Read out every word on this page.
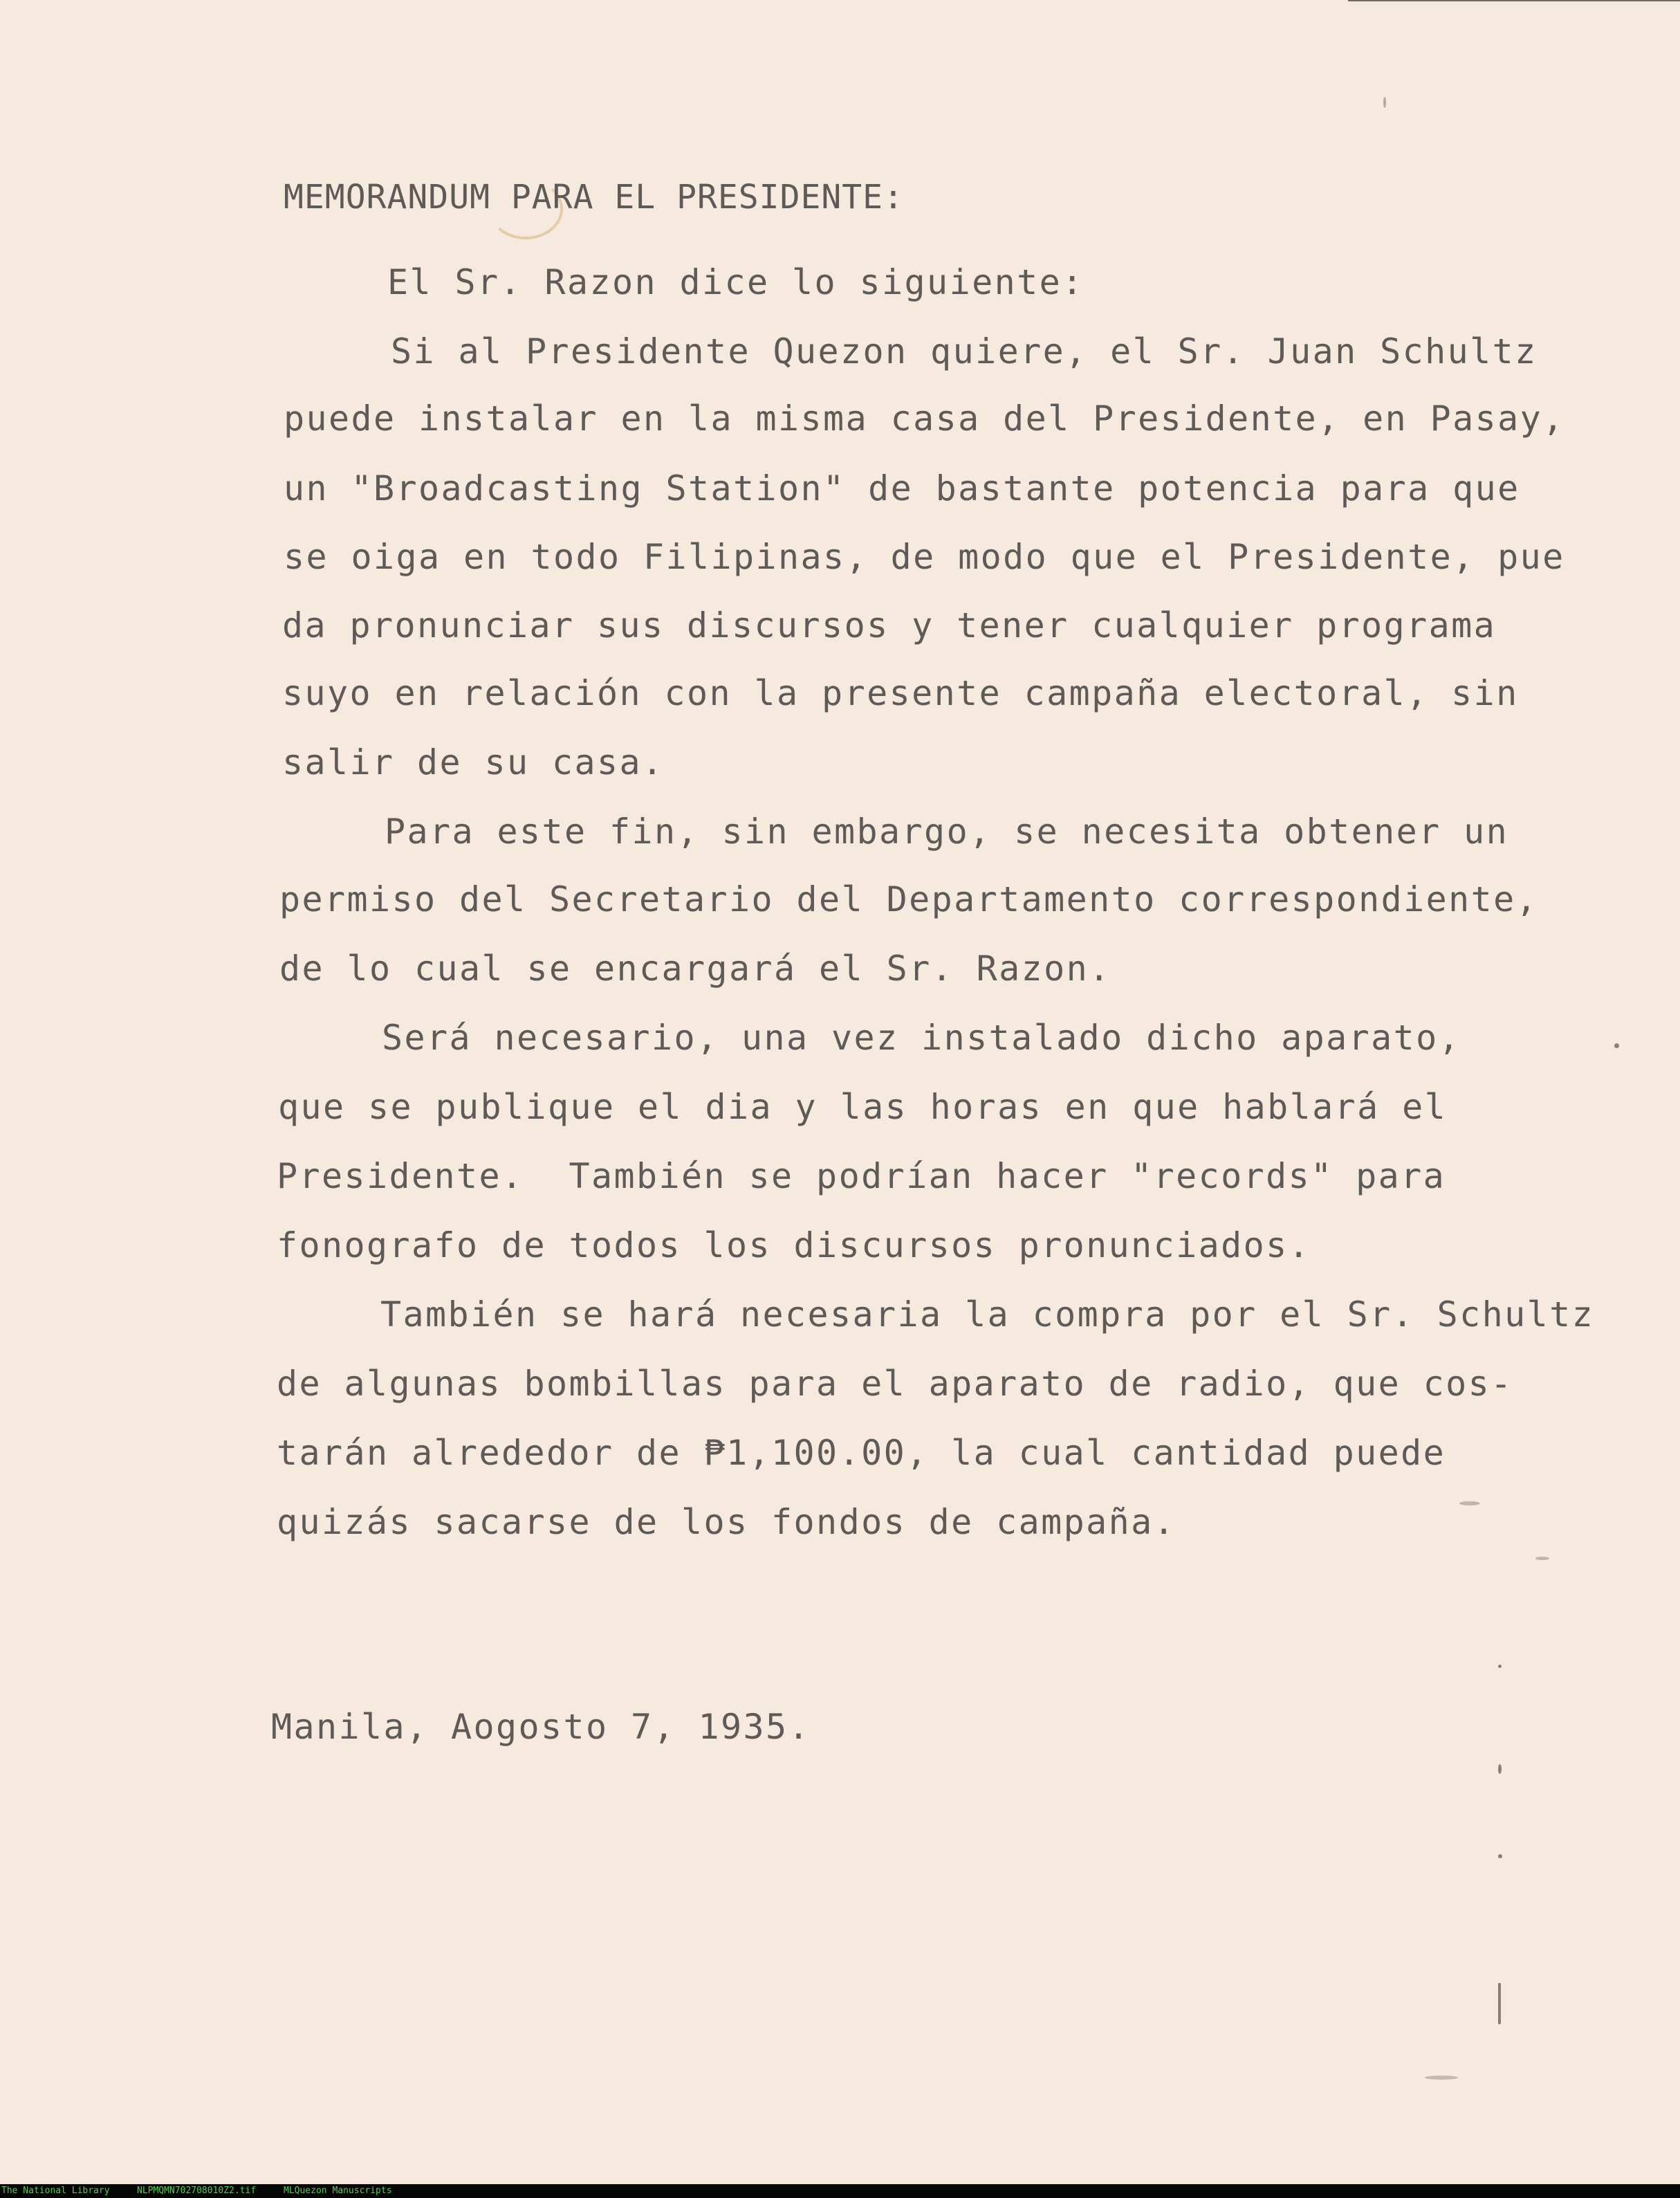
MEMORANDUM PARA EL PRESIDENTE:

El Sr. Razon dice lo siguiente:

Si al Presidente Quezon quiere, el Sr. Juan Schultz

puede instalar en la misma casa del Presidente, en Pasay,

un "Broadcasting Station" de bastante potencia para que

se oiga en todo Filipinas, de modo que el Presidente, pue

da pronunciar sus discursos y tener cualquier programa

suyo en relación con la presente campaña electoral, sin

salir de su casa.

Para este fin, sin embargo, se necesita obtener un

permiso del Secretario del Departamento correspondiente,

de lo cual se encargará el Sr. Razon.

Será necesario, una vez instalado dicho aparato,

que se publique el dia y las horas en que hablará el

Presidente.  También se podrían hacer "records" para

fonografo de todos los discursos pronunciados.

También se hará necesaria la compra por el Sr. Schultz

de algunas bombillas para el aparato de radio, que cos-

tarán alrededor de ₱1,100.00, la cual cantidad puede

quizás sacarse de los fondos de campaña.

Manila, Aogosto 7, 1935.

The National Library	NLPMQMN702708010Z2.tif	MLQuezon Manuscripts
